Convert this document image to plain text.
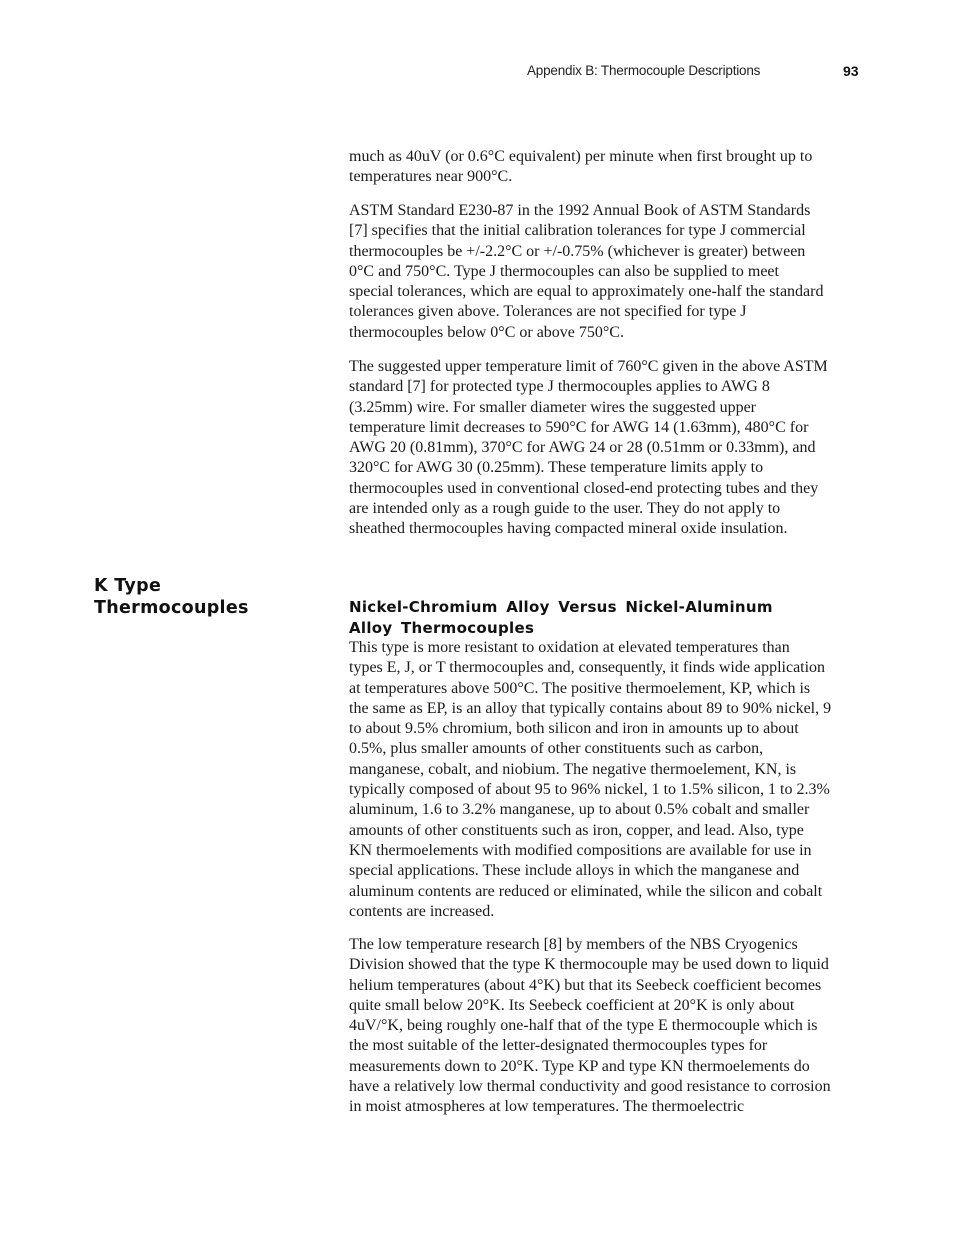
Appendix B: Thermocouple Descriptions	93

much as 40uV (or 0.6°C equivalent) per minute when first brought up to
temperatures near 900°C.

ASTM Standard E230-87 in the 1992 Annual Book of ASTM Standards
[7] specifies that the initial calibration tolerances for type J commercial
thermocouples be +/-2.2°C or +/-0.75% (whichever is greater) between
0°C and 750°C. Type J thermocouples can also be supplied to meet
special tolerances, which are equal to approximately one-half the standard
tolerances given above. Tolerances are not specified for type J
thermocouples below 0°C or above 750°C.

The suggested upper temperature limit of 760°C given in the above ASTM
standard [7] for protected type J thermocouples applies to AWG 8
(3.25mm) wire. For smaller diameter wires the suggested upper
temperature limit decreases to 590°C for AWG 14 (1.63mm), 480°C for
AWG 20 (0.81mm), 370°C for AWG 24 or 28 (0.51mm or 0.33mm), and
320°C for AWG 30 (0.25mm). These temperature limits apply to
thermocouples used in conventional closed-end protecting tubes and they
are intended only as a rough guide to the user. They do not apply to
sheathed thermocouples having compacted mineral oxide insulation.

K Type
Thermocouples	Nickel-Chromium Alloy Versus Nickel-Aluminum
Alloy Thermocouples

This type is more resistant to oxidation at elevated temperatures than
types E, J, or T thermocouples and, consequently, it finds wide application
at temperatures above 500°C. The positive thermoelement, KP, which is
the same as EP, is an alloy that typically contains about 89 to 90% nickel, 9
to about 9.5% chromium, both silicon and iron in amounts up to about
0.5%, plus smaller amounts of other constituents such as carbon,
manganese, cobalt, and niobium. The negative thermoelement, KN, is
typically composed of about 95 to 96% nickel, 1 to 1.5% silicon, 1 to 2.3%
aluminum, 1.6 to 3.2% manganese, up to about 0.5% cobalt and smaller
amounts of other constituents such as iron, copper, and lead. Also, type
KN thermoelements with modified compositions are available for use in
special applications. These include alloys in which the manganese and
aluminum contents are reduced or eliminated, while the silicon and cobalt
contents are increased.

The low temperature research [8] by members of the NBS Cryogenics
Division showed that the type K thermocouple may be used down to liquid
helium temperatures (about 4°K) but that its Seebeck coefficient becomes
quite small below 20°K. Its Seebeck coefficient at 20°K is only about
4uV/°K, being roughly one-half that of the type E thermocouple which is
the most suitable of the letter-designated thermocouples types for
measurements down to 20°K. Type KP and type KN thermoelements do
have a relatively low thermal conductivity and good resistance to corrosion
in moist atmospheres at low temperatures. The thermoelectric
